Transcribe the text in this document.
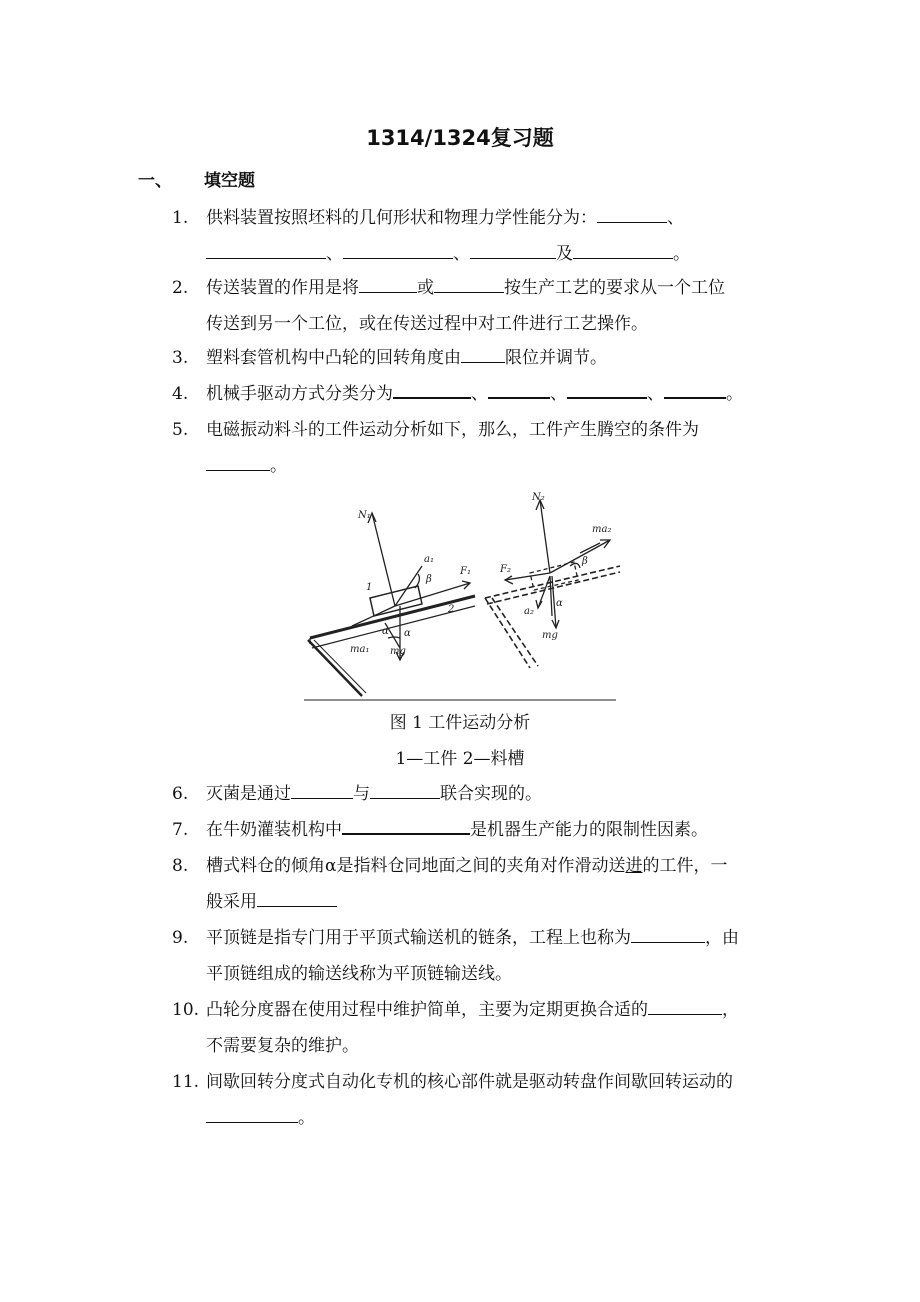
1314/1324复习题
一、 填空题
1. 供料装置按照坯料的几何形状和物理力学性能分为：	、
、	、	及	。
2. 传送装置的作用是将	或	按生产工艺的要求从一个工位
传送到另一个工位，或在传送过程中对工件进行工艺操作。
3. 塑料套管机构中凸轮的回转角度由	限位并调节。
4. 机械手驱动方式分类分为	、	、	、	。
5. 电磁振动料斗的工件运动分析如下，那么，工件产生腾空的条件为
。
N₁
a₁
β
F₁
1
2
α
ma₁ mg
α
N₂
ma₂
β
F₂
a₂
α
mg
图 1 工件运动分析
1—工件 2—料槽
6. 灭菌是通过	与	联合实现的。
7. 在牛奶灌装机构中	是机器生产能力的限制性因素。
8. 槽式料仓的倾角α是指料仓同地面之间的夹角对作滑动送进的工件，一
般采用
9. 平顶链是指专门用于平顶式输送机的链条，工程上也称为	，由
平顶链组成的输送线称为平顶链输送线。
10. 凸轮分度器在使用过程中维护简单，主要为定期更换合适的	，
不需要复杂的维护。
11. 间歇回转分度式自动化专机的核心部件就是驱动转盘作间歇回转运动的
。
